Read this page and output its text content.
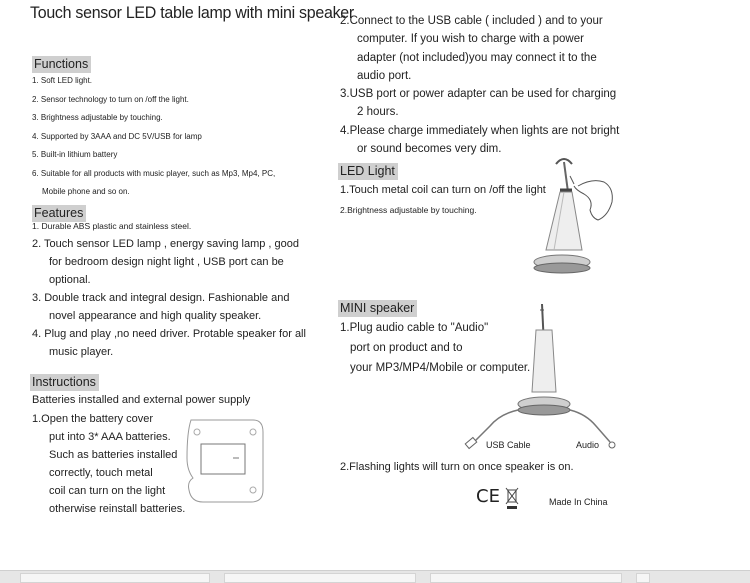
Touch sensor LED table lamp with mini speaker
Functions
1. Soft LED light.
2. Sensor technology to turn on /off the light.
3. Brightness adjustable by touching.
4. Supported by 3AAA and DC 5V/USB for lamp
5. Built-in lithium battery
6. Suitable for all products with music player, such as Mp3, Mp4, PC,
Mobile phone and so on.
Features
1. Durable ABS plastic and stainless steel.
2. Touch sensor LED lamp , energy saving lamp , good
for bedroom design night light , USB port can be
optional.
3. Double track and integral design. Fashionable and
novel appearance and high quality speaker.
4. Plug and play ,no need driver. Protable speaker for all
music player.
Instructions
Batteries installed and external power supply
1.Open the battery cover
put into 3* AAA batteries.
Such as batteries installed
correctly, touch metal
coil can turn on the light
otherwise reinstall batteries.
2.Connect to the USB cable ( included ) and to your
computer. If you wish to charge with a power
adapter (not included)you may connect it to the
audio port.
3.USB port or power adapter can be used for charging
2 hours.
4.Please charge immediately when lights are not bright
or sound becomes very dim.
LED Light
1.Touch metal coil can turn on /off the light
2.Brightness adjustable by touching.
MINI speaker
1.Plug audio cable to "Audio"
port on product and to
your MP3/MP4/Mobile or computer.
USB Cable	Audio
2.Flashing lights will turn on once speaker is on.
CE	Made In China
